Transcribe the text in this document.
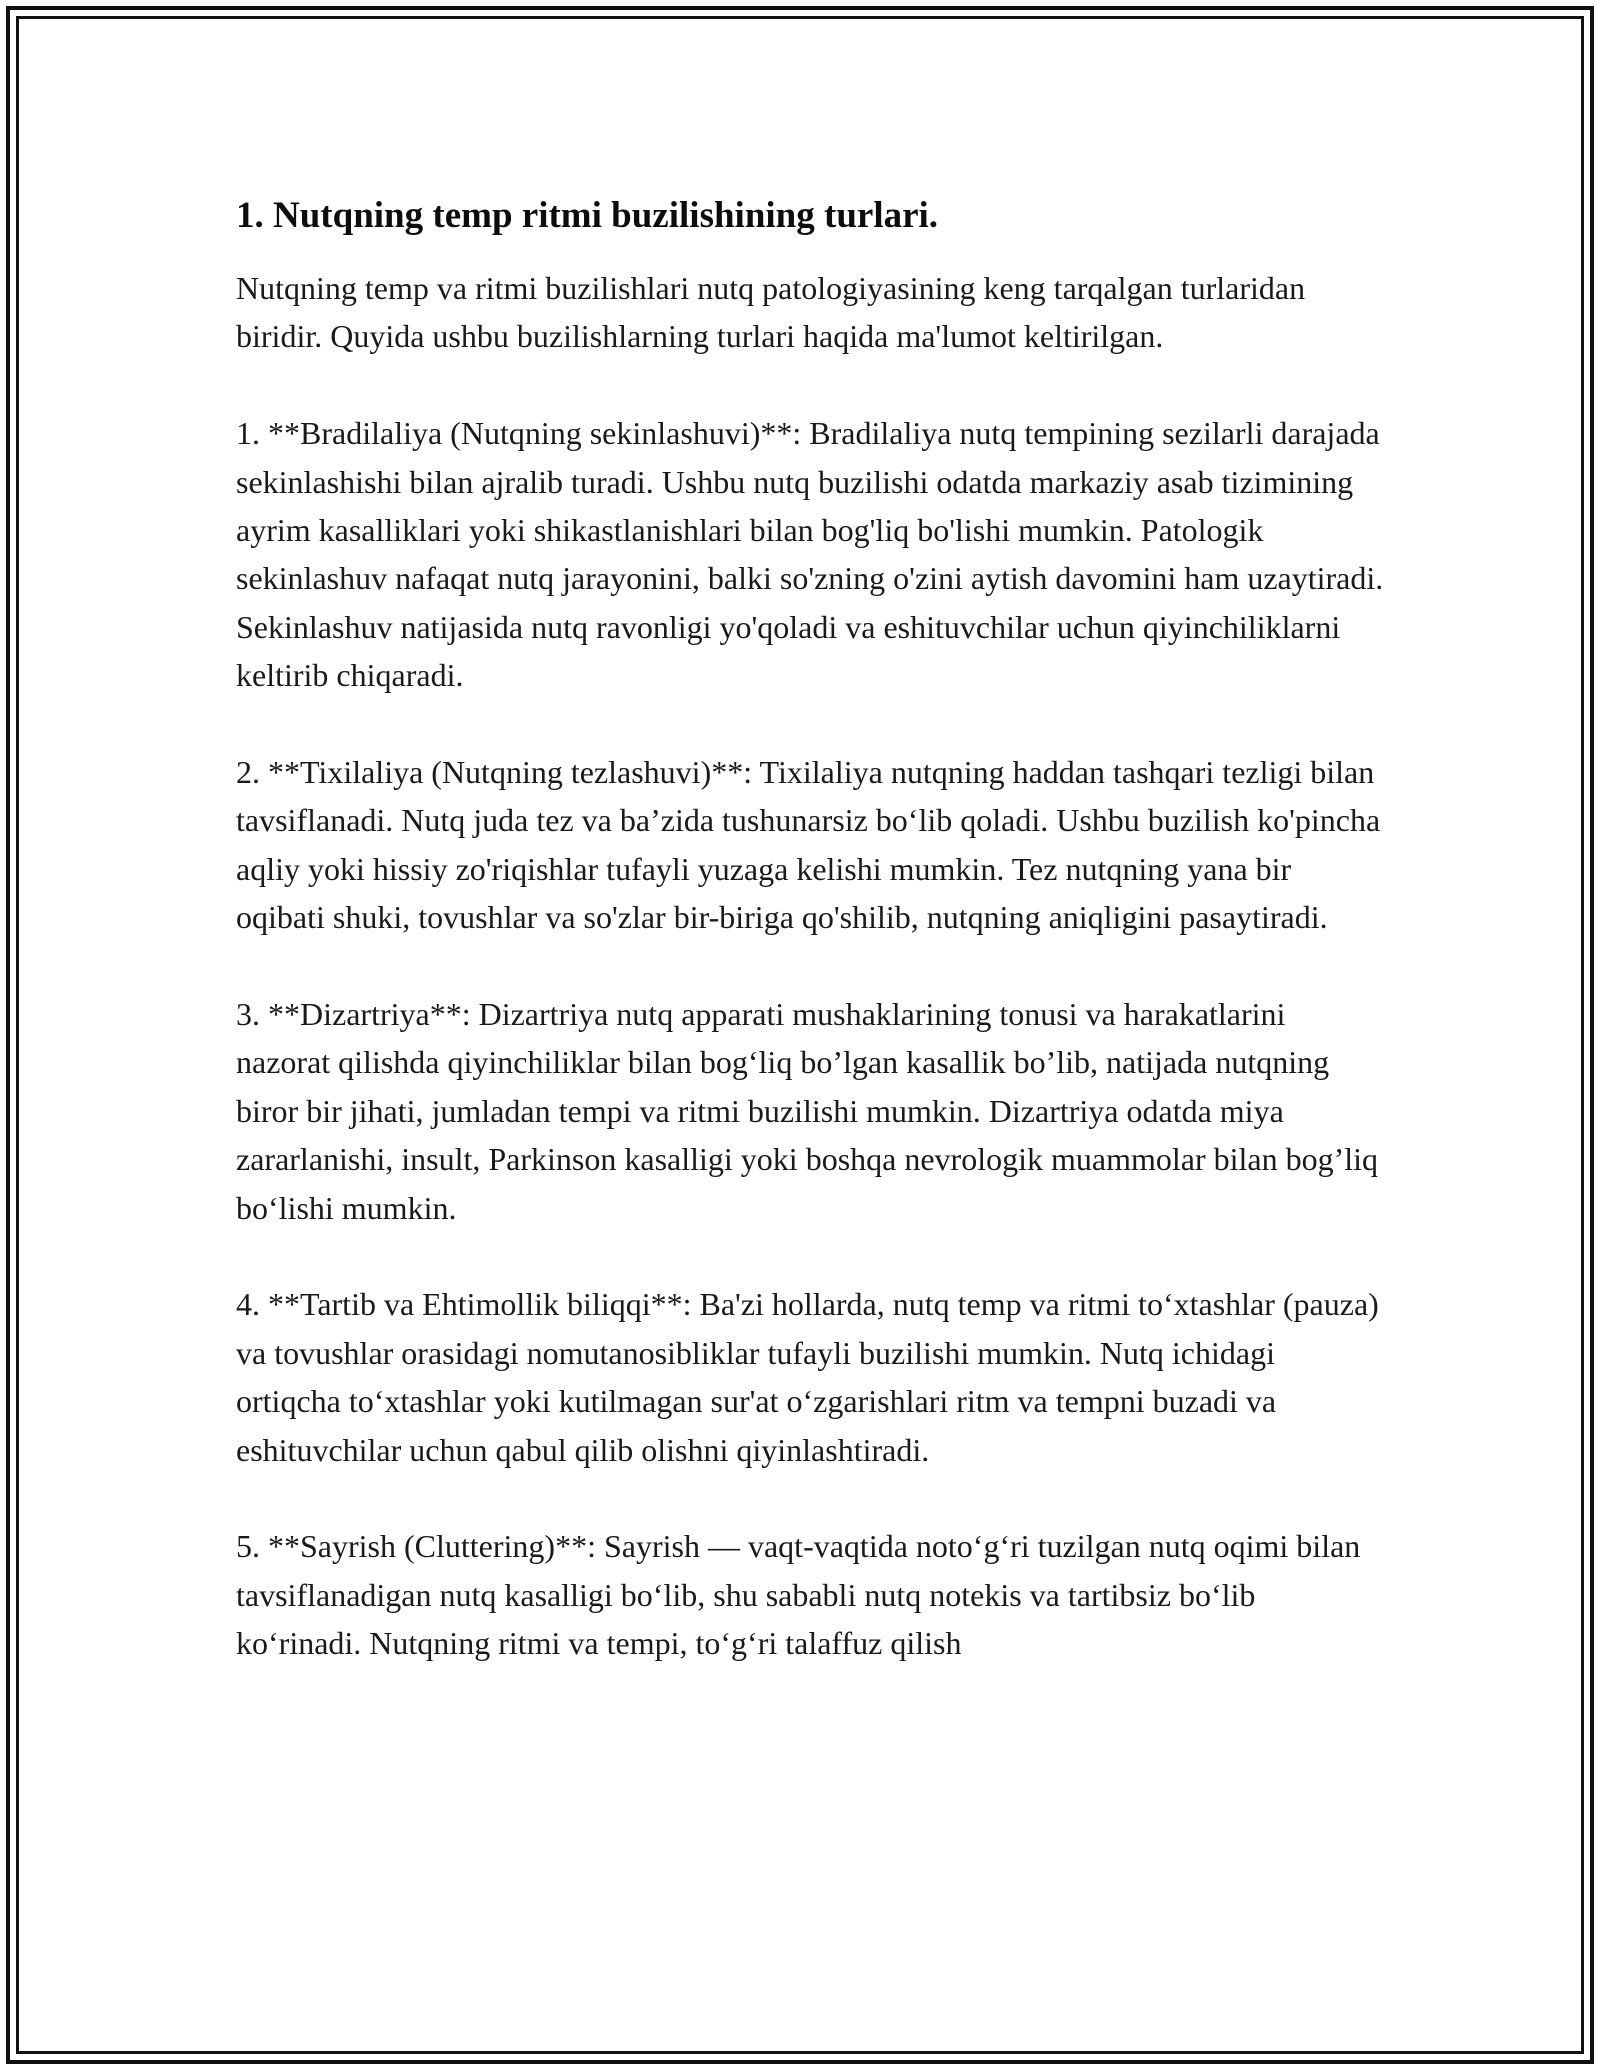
1. Nutqning temp ritmi buzilishining turlari.

Nutqning temp va ritmi buzilishlari nutq patologiyasining keng tarqalgan turlaridan biridir. Quyida ushbu buzilishlarning turlari haqida ma'lumot keltirilgan.

1. **Bradilaliya (Nutqning sekinlashuvi)**: Bradilaliya nutq tempining sezilarli darajada sekinlashishi bilan ajralib turadi. Ushbu nutq buzilishi odatda markaziy asab tizimining ayrim kasalliklari yoki shikastlanishlari bilan bog'liq bo'lishi mumkin. Patologik sekinlashuv nafaqat nutq jarayonini, balki so'zning o'zini aytish davomini ham uzaytiradi. Sekinlashuv natijasida nutq ravonligi yo'qoladi va eshituvchilar uchun qiyinchiliklarni keltirib chiqaradi.

2. **Tixilaliya (Nutqning tezlashuvi)**: Tixilaliya nutqning haddan tashqari tezligi bilan tavsiflanadi. Nutq juda tez va ba’zida tushunarsiz bo‘lib qoladi. Ushbu buzilish ko'pincha aqliy yoki hissiy zo'riqishlar tufayli yuzaga kelishi mumkin. Tez nutqning yana bir oqibati shuki, tovushlar va so'zlar bir-biriga qo'shilib, nutqning aniqligini pasaytiradi.

3. **Dizartriya**: Dizartriya nutq apparati mushaklarining tonusi va harakatlarini nazorat qilishda qiyinchiliklar bilan bog‘liq bo’lgan kasallik bo’lib, natijada nutqning biror bir jihati, jumladan tempi va ritmi buzilishi mumkin. Dizartriya odatda miya zararlanishi, insult, Parkinson kasalligi yoki boshqa nevrologik muammolar bilan bog’liq bo‘lishi mumkin.

4. **Tartib va Ehtimollik biliqqi**: Ba'zi hollarda, nutq temp va ritmi to‘xtashlar (pauza) va tovushlar orasidagi nomutanosibliklar tufayli buzilishi mumkin. Nutq ichidagi ortiqcha to‘xtashlar yoki kutilmagan sur'at o‘zgarishlari ritm va tempni buzadi va eshituvchilar uchun qabul qilib olishni qiyinlashtiradi.

5. **Sayrish (Cluttering)**: Sayrish — vaqt-vaqtida noto‘g‘ri tuzilgan nutq oqimi bilan tavsiflanadigan nutq kasalligi bo‘lib, shu sababli nutq notekis va tartibsiz bo‘lib ko‘rinadi. Nutqning ritmi va tempi, to‘g‘ri talaffuz qilish
